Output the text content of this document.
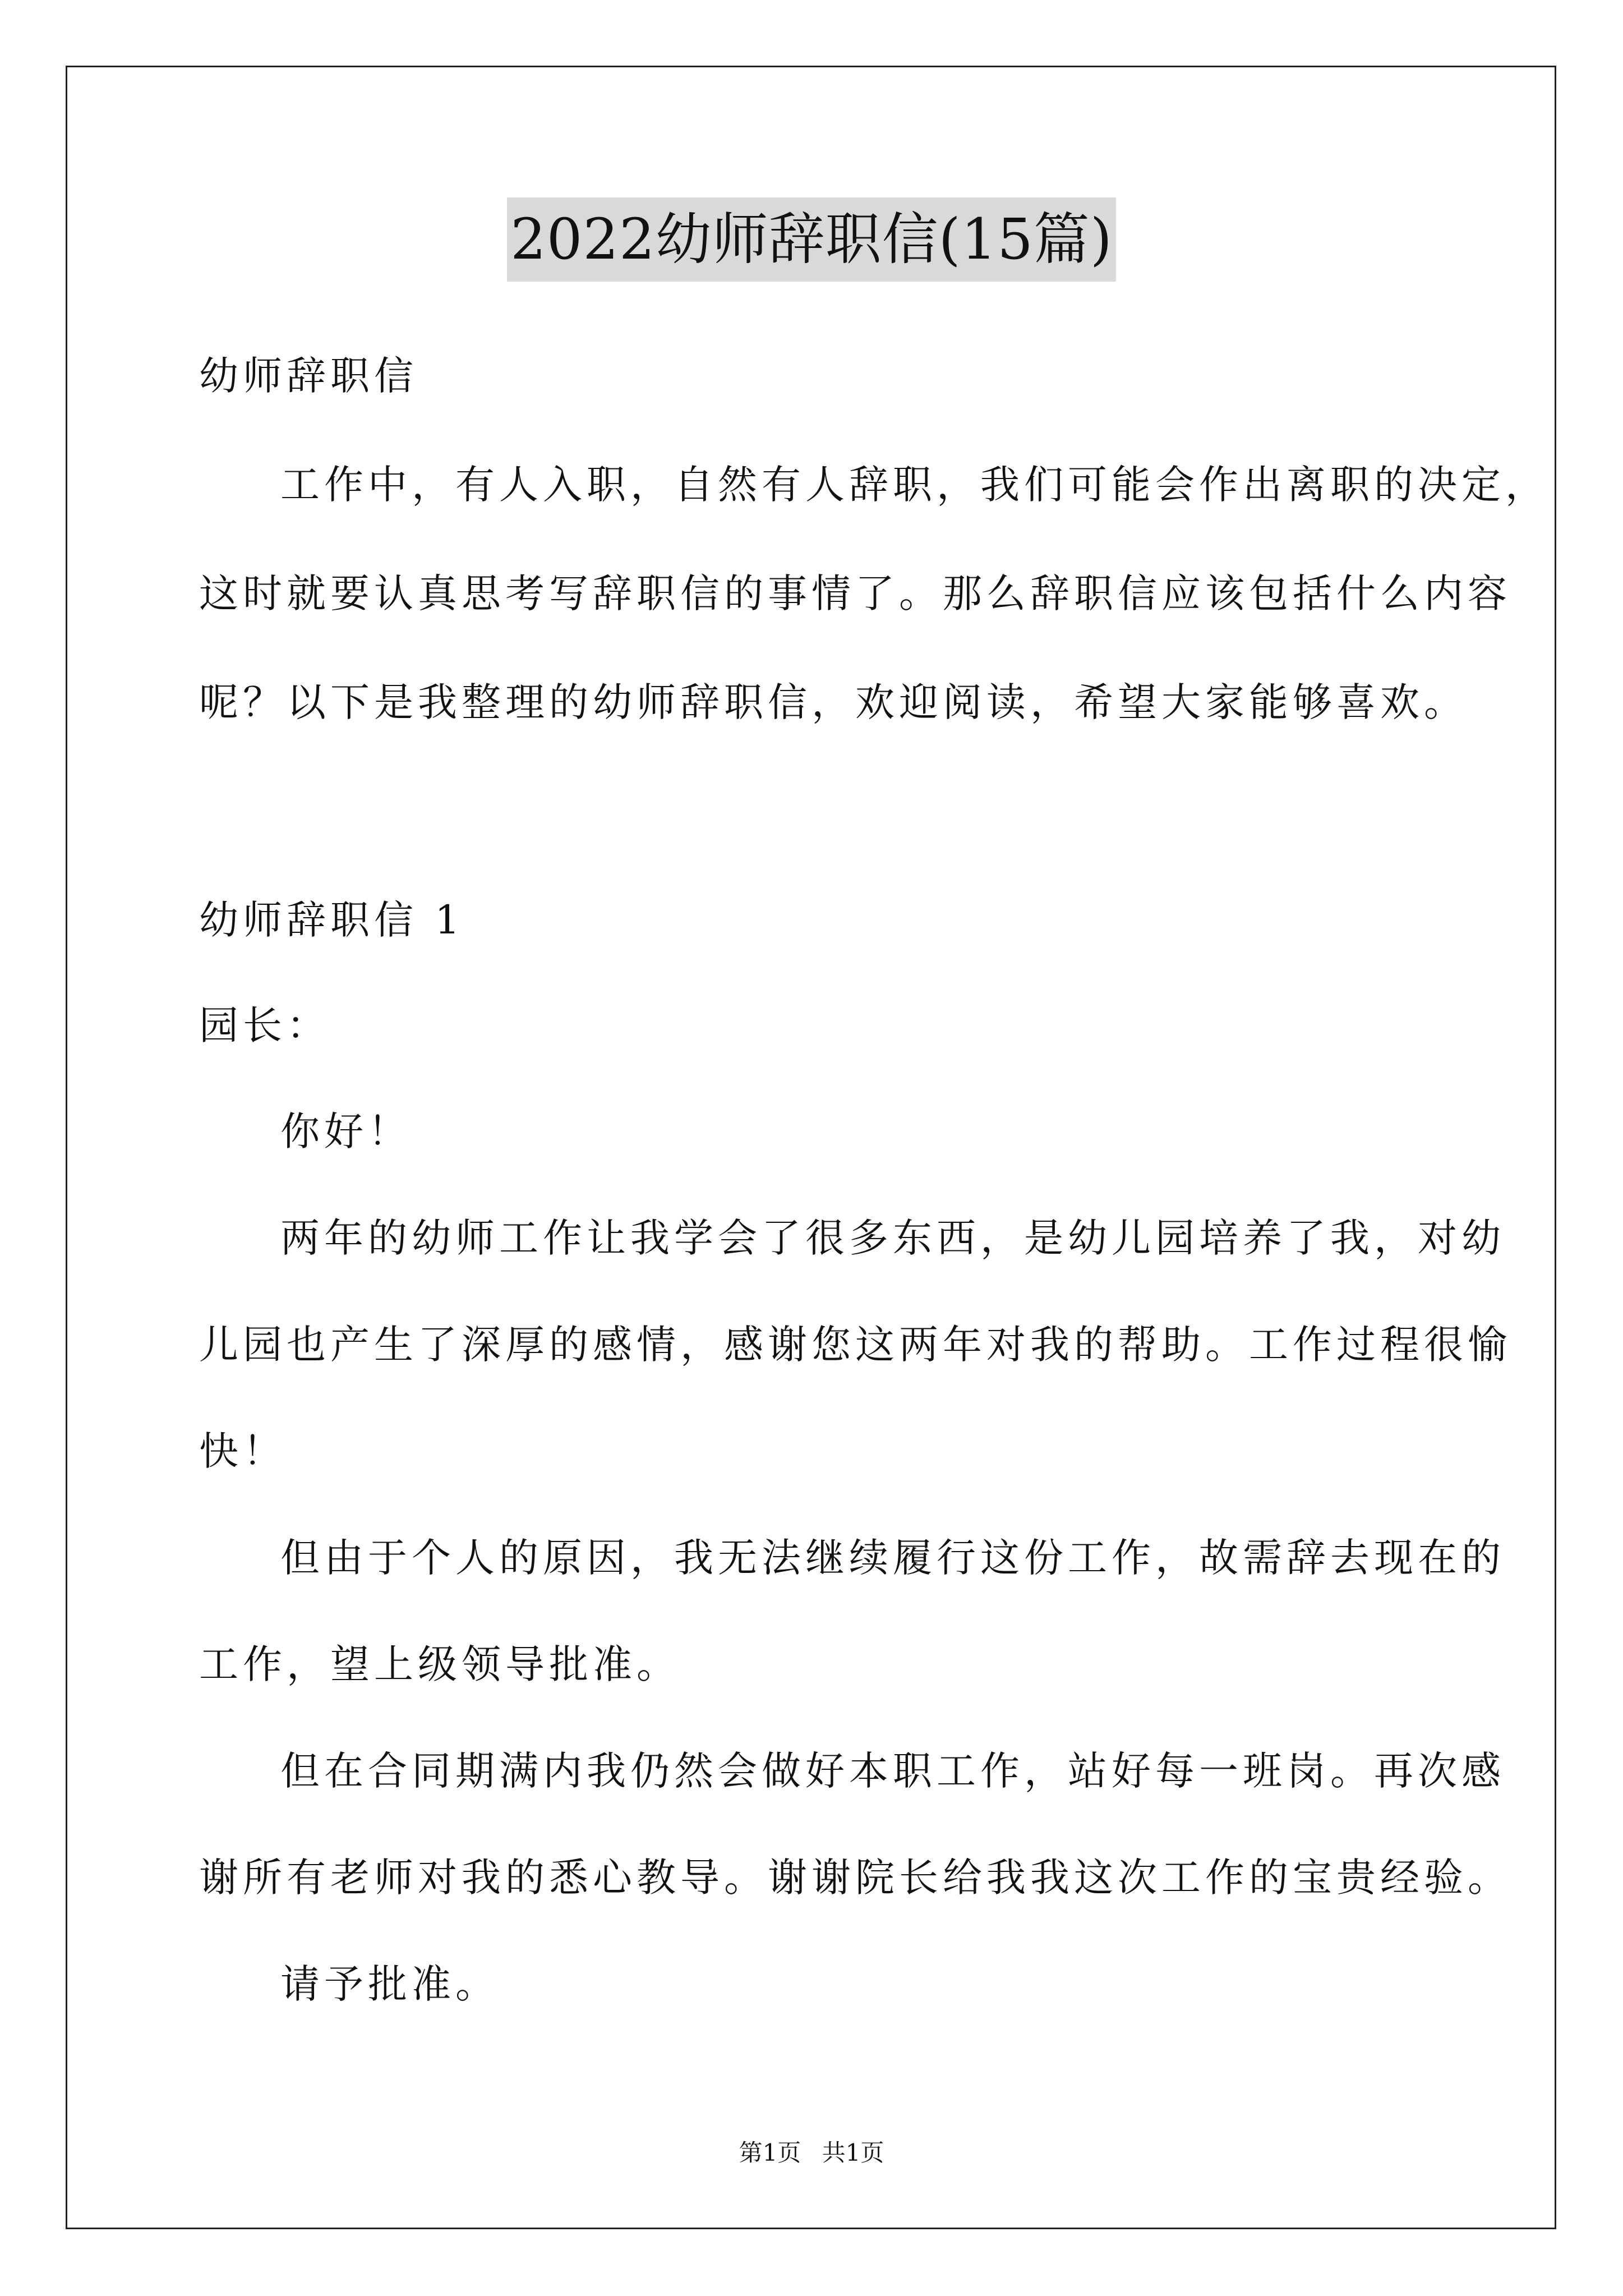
2022幼师辞职信(15篇)
幼师辞职信
工作中，有人入职，自然有人辞职，我们可能会作出离职的决定，
这时就要认真思考写辞职信的事情了。那么辞职信应该包括什么内容
呢？以下是我整理的幼师辞职信，欢迎阅读，希望大家能够喜欢。
幼师辞职信 1
园长：
你好！
两年的幼师工作让我学会了很多东西，是幼儿园培养了我，对幼
儿园也产生了深厚的感情，感谢您这两年对我的帮助。工作过程很愉
快！
但由于个人的原因，我无法继续履行这份工作，故需辞去现在的
工作，望上级领导批准。
但在合同期满内我仍然会做好本职工作，站好每一班岗。再次感
谢所有老师对我的悉心教导。谢谢院长给我我这次工作的宝贵经验。
请予批准。
第1页 共1页
